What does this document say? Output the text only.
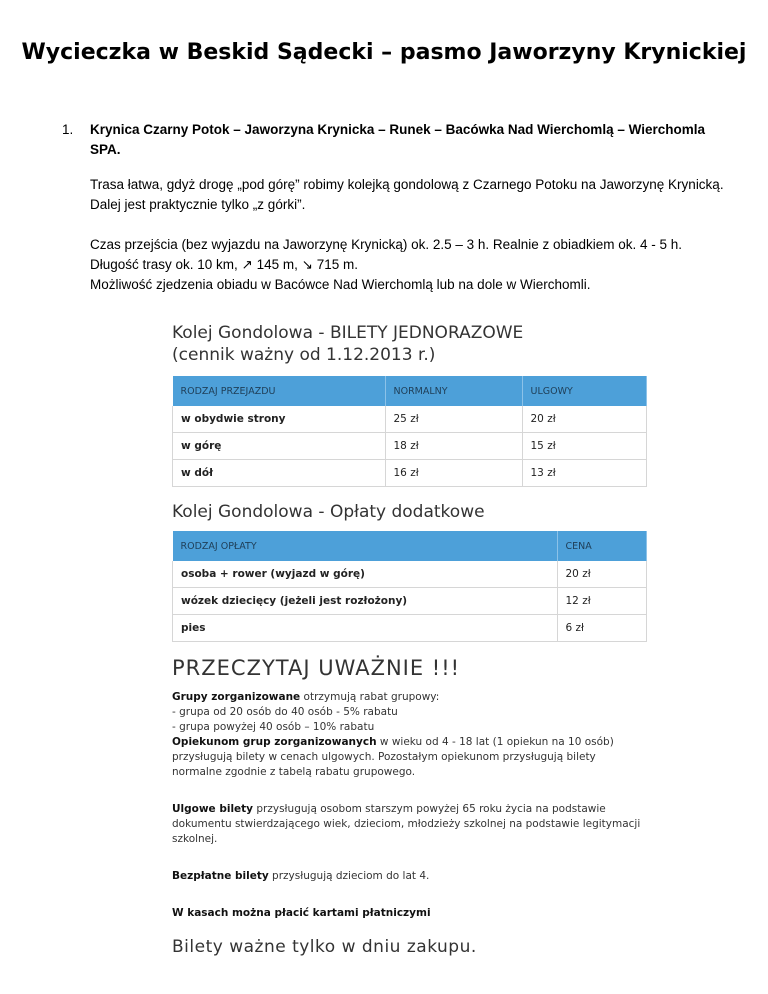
Wycieczka w Beskid Sądecki – pasmo Jaworzyny Krynickiej
1. Krynica Czarny Potok – Jaworzyna Krynicka – Runek – Bacówka Nad Wierchomlą – Wierchomla SPA.

Trasa łatwa, gdyż drogę „pod górę” robimy kolejką gondolową z Czarnego Potoku na Jaworzynę Krynicką. Dalej jest praktycznie tylko „z górki”.

Czas przejścia (bez wyjazdu na Jaworzynę Krynicką) ok. 2.5 – 3 h. Realnie z obiadkiem ok. 4 - 5 h.
Długość trasy ok. 10 km, ↗ 145 m, ↘ 715 m.
Możliwość zjedzenia obiadu w Bacówce Nad Wierchomlą lub na dole w Wierchomli.
Kolej Gondolowa - BILETY JEDNORAZOWE
(cennik ważny od 1.12.2013 r.)
RODZAJ PRZEJAZDU	NORMALNY	ULGOWY
w obydwie strony	25 zł	20 zł
w górę	18 zł	15 zł
w dół	16 zł	13 zł
Kolej Gondolowa - Opłaty dodatkowe
RODZAJ OPŁATY	CENA
osoba + rower (wyjazd w górę)	20 zł
wózek dziecięcy (jeżeli jest rozłożony)	12 zł
pies	6 zł
PRZECZYTAJ UWAŻNIE !!!

Grupy zorganizowane otrzymują rabat grupowy:

- grupa od 20 osób do 40 osób - 5% rabatu

- grupa powyżej 40 osób – 10% rabatu

Opiekunom grup zorganizowanych w wieku od 4 - 18 lat (1 opiekun na 10 osób) przysługują bilety w cenach ulgowych. Pozostałym opiekunom przysługują bilety normalne zgodnie z tabelą rabatu grupowego.

Ulgowe bilety przysługują osobom starszym powyżej 65 roku życia na podstawie dokumentu stwierdzającego wiek, dzieciom, młodzieży szkolnej na podstawie legitymacji szkolnej.

Bezpłatne bilety przysługują dzieciom do lat 4.

W kasach można płacić kartami płatniczymi

Bilety ważne tylko w dniu zakupu.
